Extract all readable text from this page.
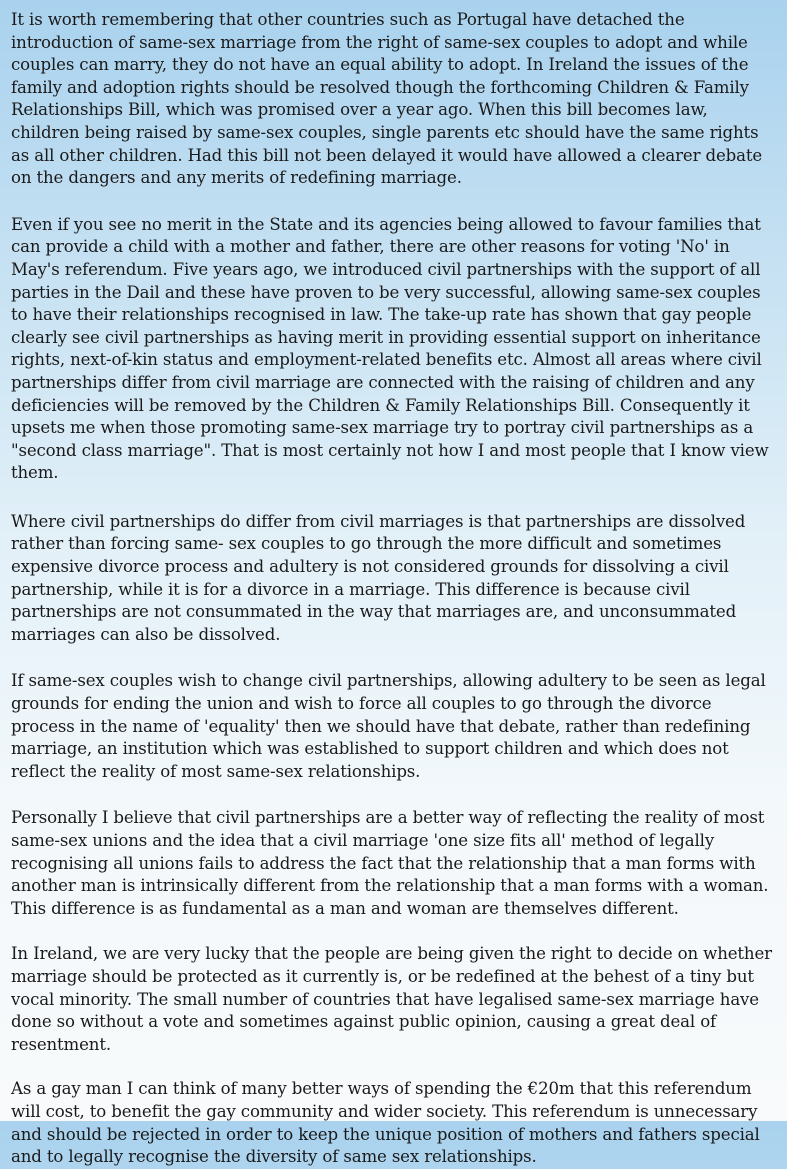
It is worth remembering that other countries such as Portugal have detached the introduction of same-sex marriage from the right of same-sex couples to adopt and while couples can marry, they do not have an equal ability to adopt. In Ireland the issues of the family and adoption rights should be resolved though the forthcoming Children & Family Relationships Bill, which was promised over a year ago. When this bill becomes law, children being raised by same-sex couples, single parents etc should have the same rights as all other children. Had this bill not been delayed it would have allowed a clearer debate on the dangers and any merits of redefining marriage.

Even if you see no merit in the State and its agencies being allowed to favour families that can provide a child with a mother and father, there are other reasons for voting 'No' in May's referendum. Five years ago, we introduced civil partnerships with the support of all parties in the Dail and these have proven to be very successful, allowing same-sex couples to have their relationships recognised in law. The take-up rate has shown that gay people clearly see civil partnerships as having merit in providing essential support on inheritance rights, next-of-kin status and employment-related benefits etc. Almost all areas where civil partnerships differ from civil marriage are connected with the raising of children and any deficiencies will be removed by the Children & Family Relationships Bill. Consequently it upsets me when those promoting same-sex marriage try to portray civil partnerships as a "second class marriage". That is most certainly not how I and most people that I know view them.

Where civil partnerships do differ from civil marriages is that partnerships are dissolved rather than forcing same- sex couples to go through the more difficult and sometimes expensive divorce process and adultery is not considered grounds for dissolving a civil partnership, while it is for a divorce in a marriage. This difference is because civil partnerships are not consummated in the way that marriages are, and unconsummated marriages can also be dissolved.

If same-sex couples wish to change civil partnerships, allowing adultery to be seen as legal grounds for ending the union and wish to force all couples to go through the divorce process in the name of 'equality' then we should have that debate, rather than redefining marriage, an institution which was established to support children and which does not reflect the reality of most same-sex relationships.

Personally I believe that civil partnerships are a better way of reflecting the reality of most same-sex unions and the idea that a civil marriage 'one size fits all' method of legally recognising all unions fails to address the fact that the relationship that a man forms with another man is intrinsically different from the relationship that a man forms with a woman. This difference is as fundamental as a man and woman are themselves different.

In Ireland, we are very lucky that the people are being given the right to decide on whether marriage should be protected as it currently is, or be redefined at the behest of a tiny but vocal minority. The small number of countries that have legalised same-sex marriage have done so without a vote and sometimes against public opinion, causing a great deal of resentment.

As a gay man I can think of many better ways of spending the €20m that this referendum will cost, to benefit the gay community and wider society. This referendum is unnecessary and should be rejected in order to keep the unique position of mothers and fathers special and to legally recognise the diversity of same sex relationships.
